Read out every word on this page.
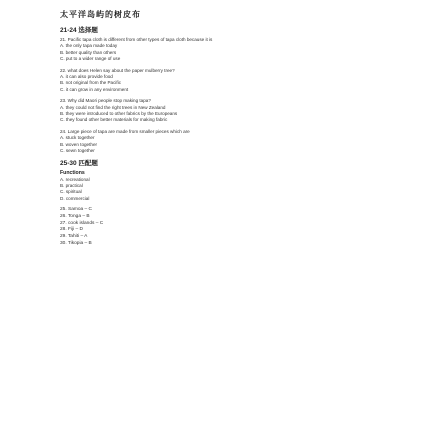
太平洋岛屿的树皮布
21-24 选择题
21. Pacific tapa cloth is different from other types of tapa cloth because it is
A. the only tapa made today
B. better quality than others
C. put to a wider range of use
22. what does Helen say about the paper mulberry tree?
A. it can also provide food
B. not original from the Pacific
C. it can grow in any environment
23. Why did Maori people stop making tapa?
A. they could not find the right trees in New Zealand
B. they were introduced to other fabrics by the Europeans
C. they found other better materials for making fabric
24. Large piece of tapa are made from smaller pieces which are
A. stuck together
B. woven together
C. sewn together
25-30 匹配题
Functions
A. recreational
B. practical
C. spiritual
D. commercial
25. Samoa – C
26. Tonga – B
27. cook islands – C
28. Fiji – D
29. Tahiti – A
30. Tikopia – B
